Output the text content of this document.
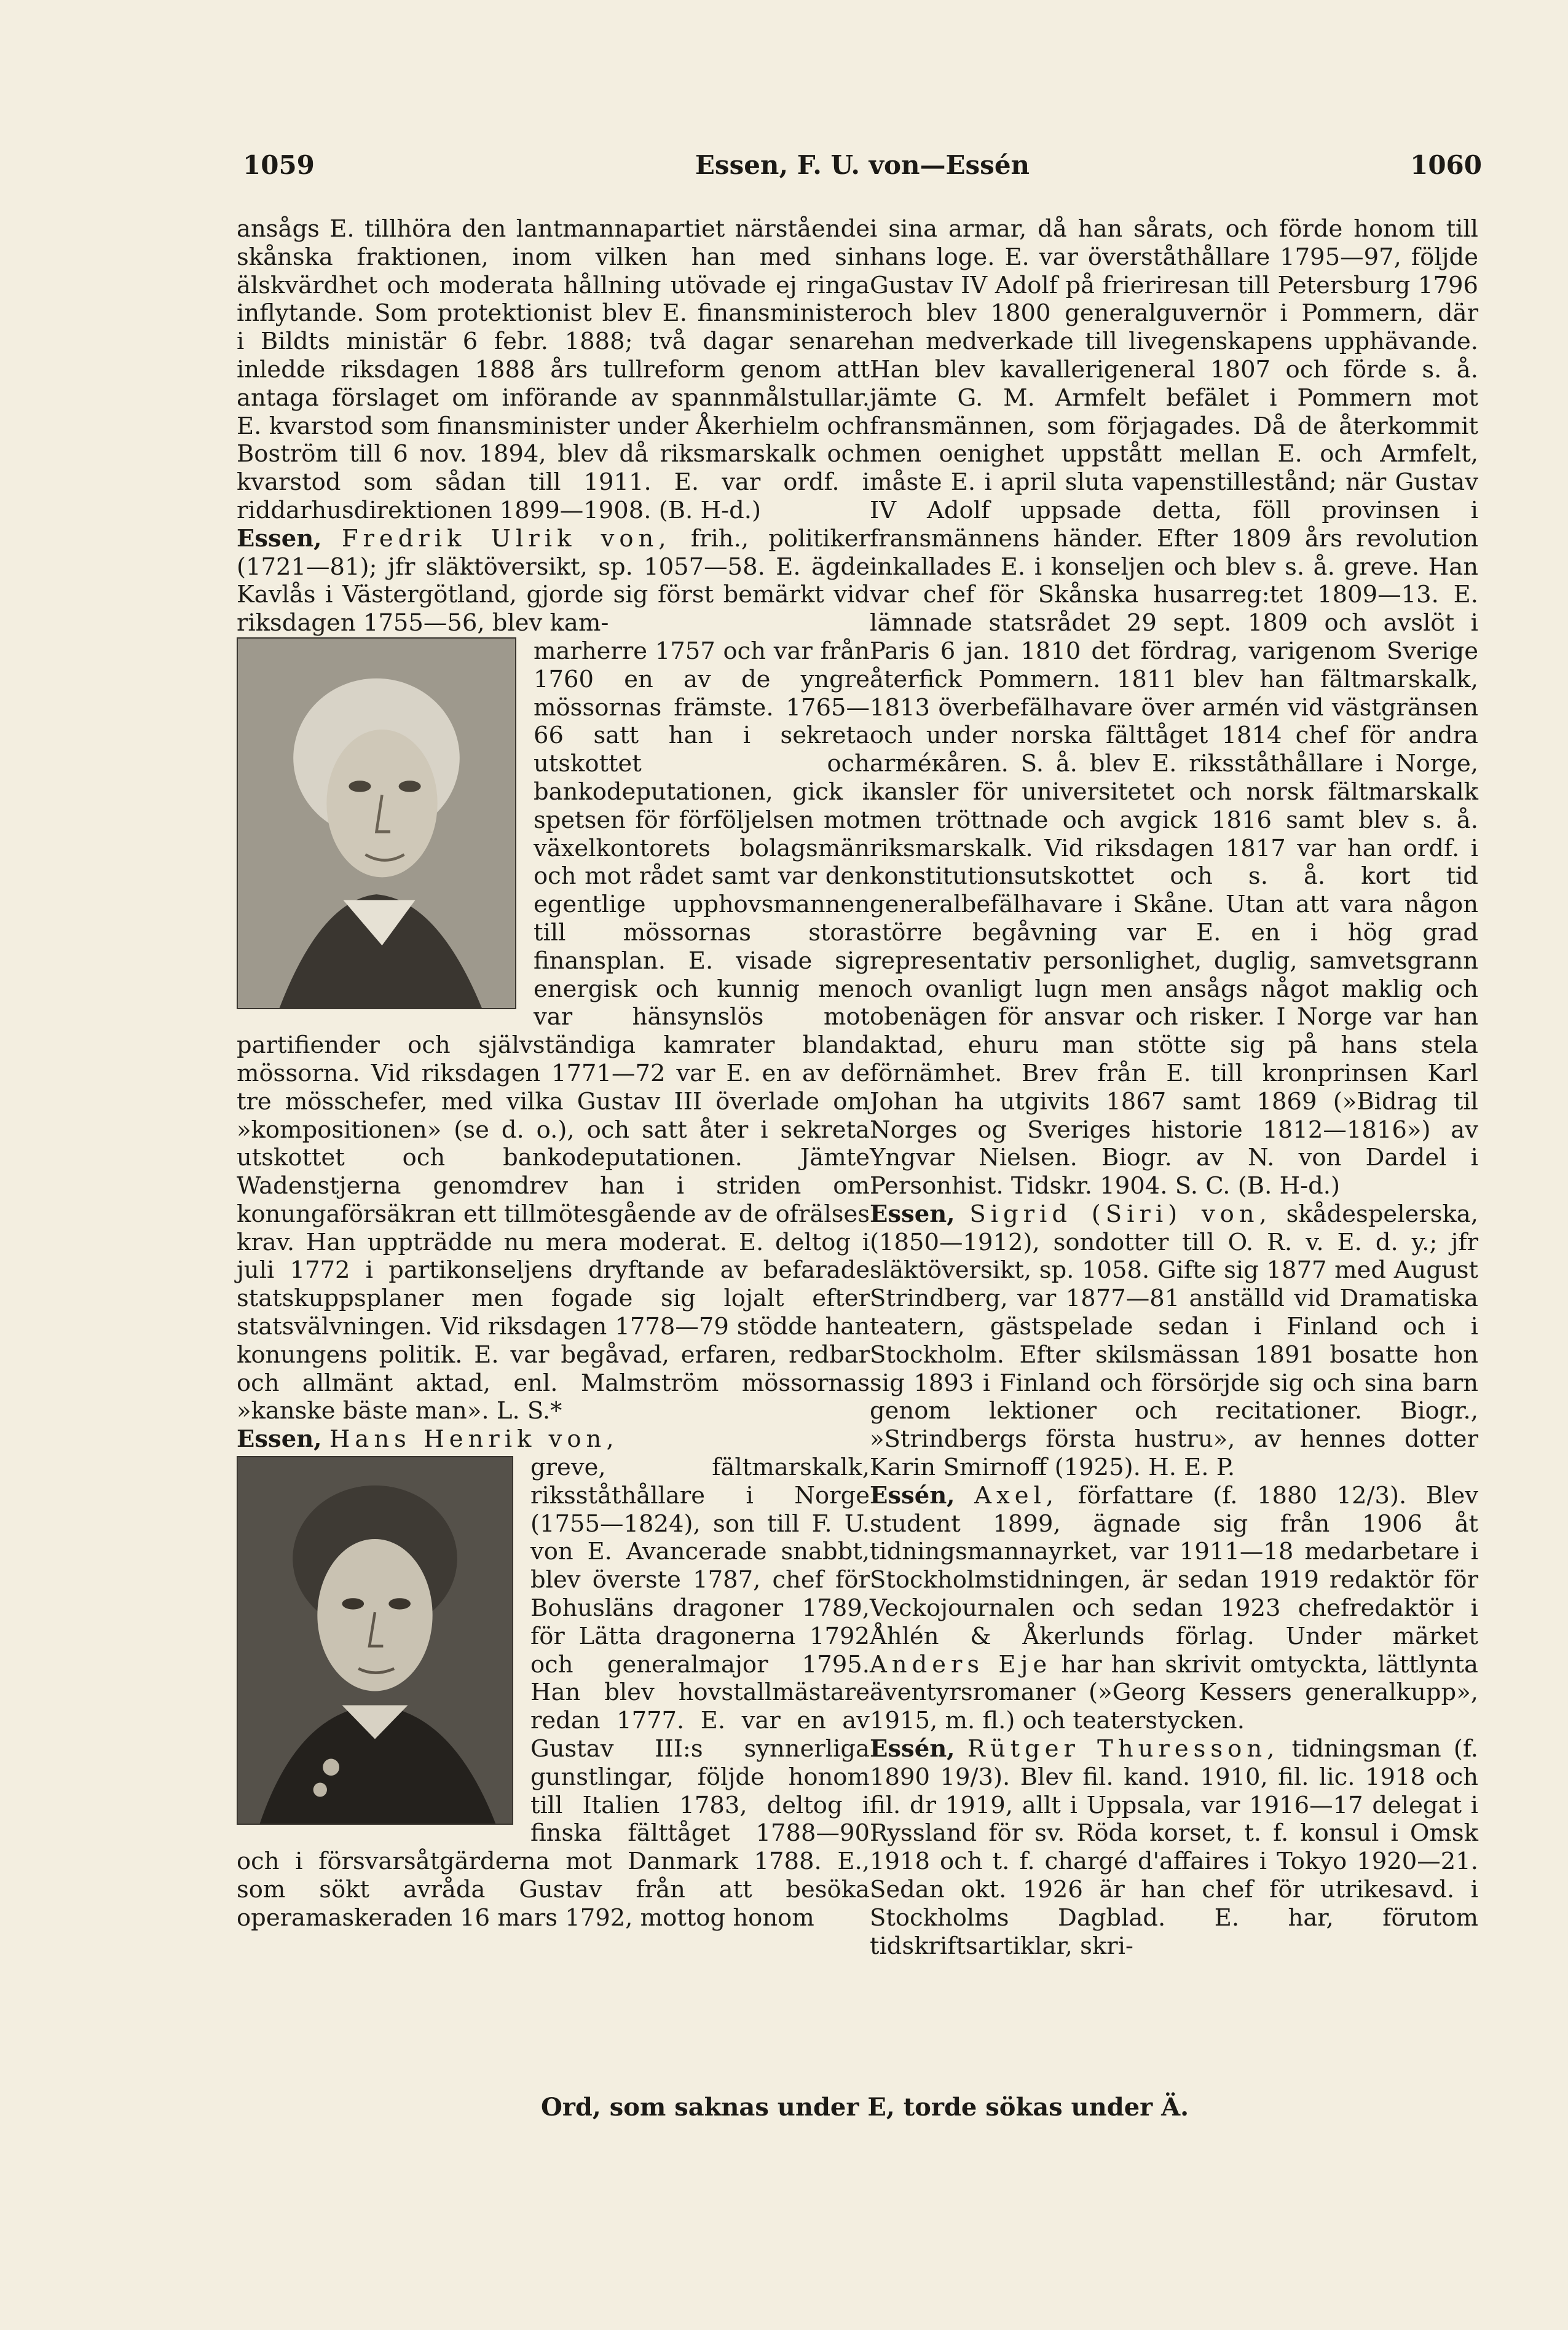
1059	Essen, F. U. von—Essén	1060

ansågs E. tillhöra den lantmannapartiet närstående skånska fraktionen, inom vilken han med sin älskvärdhet och moderata hållning utövade ej ringa inflytande. Som protektionist blev E. finansminister i Bildts ministär 6 febr. 1888; två dagar senare inledde riksdagen 1888 års tullreform genom att antaga förslaget om införande av spannmålstullar. E. kvarstod som finansminister under Åkerhielm och Boström till 6 nov. 1894, blev då riksmarskalk och kvarstod som sådan till 1911. E. var ordf. i riddarhusdirektionen 1899—1908. (B. H-d.)

Essen, Fredrik Ulrik von, frih., politiker (1721—81); jfr släktöversikt, sp. 1057—58. E. ägde Kavlås i Västergötland, gjorde sig först bemärkt vid riksdagen 1755—56, blev kam-

marherre 1757 och var från 1760 en av de yngre mössornas främste. 1765—66 satt han i sekreta utskottet och bankodeputationen, gick i spetsen för förföljelsen mot växelkontorets bolagsmän och mot rådet samt var den egentlige upphovsmannen till mössornas stora finansplan. E. visade sig energisk och kunnig men var hänsynslös mot partifiender och självständiga kamrater bland mössorna. Vid riksdagen 1771—72 var E. en av de tre mösschefer, med vilka Gustav III överlade om »kompositionen» (se d. o.), och satt åter i sekreta utskottet och bankodeputationen. Jämte Wadenstjerna genomdrev han i striden om konungaförsäkran ett tillmötesgående av de ofrälses krav. Han uppträdde nu mera moderat. E. deltog i juli 1772 i partikonseljens dryftande av befarade statskuppsplaner men fogade sig lojalt efter statsvälvningen. Vid riksdagen 1778—79 stödde han konungens politik. E. var begåvad, erfaren, redbar och allmänt aktad, enl. Malmström mössornas »kanske bäste man». L. S.*

Essen, Hans Henrik von,

greve, fältmarskalk, riksståthållare i Norge (1755—1824), son till F. U. von E. Avancerade snabbt, blev överste 1787, chef för Bohusläns dragoner 1789, för Lätta dragonerna 1792 och generalmajor 1795. Han blev hovstallmästare redan 1777. E. var en av Gustav III:s synnerliga gunstlingar, följde honom till Italien 1783, deltog i finska fälttåget 1788—90 och i försvarsåtgärderna mot Danmark 1788. E., som sökt avråda Gustav från att besöka operamaskeraden 16 mars 1792, mottog honom

i sina armar, då han sårats, och förde honom till hans loge. E. var överståthållare 1795—97, följde Gustav IV Adolf på frieriresan till Petersburg 1796 och blev 1800 generalguvernör i Pommern, där han medverkade till livegenskapens upphävande. Han blev kavallerigeneral 1807 och förde s. å. jämte G. M. Armfelt befälet i Pommern mot fransmännen, som förjagades. Då de återkommit men oenighet uppstått mellan E. och Armfelt, måste E. i april sluta vapenstillestånd; när Gustav IV Adolf uppsade detta, föll provinsen i fransmännens händer. Efter 1809 års revolution inkallades E. i konseljen och blev s. å. greve. Han var chef för Skånska husarreg:tet 1809—13. E. lämnade statsrådet 29 sept. 1809 och avslöt i Paris 6 jan. 1810 det fördrag, varigenom Sverige återfick Pommern. 1811 blev han fältmarskalk, 1813 överbefälhavare över armén vid västgränsen och under norska fälttåget 1814 chef för andra arméкåren. S. å. blev E. riksståthållare i Norge, kansler för universitetet och norsk fältmarskalk men tröttnade och avgick 1816 samt blev s. å. riksmarskalk. Vid riksdagen 1817 var han ordf. i konstitutionsutskottet och s. å. kort tid generalbefälhavare i Skåne. Utan att vara någon större begåvning var E. en i hög grad representativ personlighet, duglig, samvetsgrann och ovanligt lugn men ansågs något maklig och obenägen för ansvar och risker. I Norge var han aktad, ehuru man stötte sig på hans stela förnämhet. Brev från E. till kronprinsen Karl Johan ha utgivits 1867 samt 1869 (»Bidrag til Norges og Sveriges historie 1812—1816») av Yngvar Nielsen. Biogr. av N. von Dardel i Personhist. Tidskr. 1904. S. C. (B. H-d.)

Essen, Sigrid (Siri) von, skådespelerska, (1850—1912), sondotter till O. R. v. E. d. y.; jfr släktöversikt, sp. 1058. Gifte sig 1877 med August Strindberg, var 1877—81 anställd vid Dramatiska teatern, gästspelade sedan i Finland och i Stockholm. Efter skilsmässan 1891 bosatte hon sig 1893 i Finland och försörjde sig och sina barn genom lektioner och recitationer. Biogr., »Strindbergs första hustru», av hennes dotter Karin Smirnoff (1925). H. E. P.

Essén, Axel, författare (f. 1880 12/3). Blev student 1899, ägnade sig från 1906 åt tidningsmannayrket, var 1911—18 medarbetare i Stockholmstidningen, är sedan 1919 redaktör för Veckojournalen och sedan 1923 chefredaktör i Åhlén & Åkerlunds förlag. Under märket Anders Eje har han skrivit omtyckta, lättlynta äventyrsromaner (»Georg Kessers generalkupp», 1915, m. fl.) och teaterstycken.

Essén, Rütger Thuresson, tidningsman (f. 1890 19/3). Blev fil. kand. 1910, fil. lic. 1918 och fil. dr 1919, allt i Uppsala, var 1916—17 delegat i Ryssland för sv. Röda korset, t. f. konsul i Omsk 1918 och t. f. chargé d'affaires i Tokyo 1920—21. Sedan okt. 1926 är han chef för utrikesavd. i Stockholms Dagblad. E. har, förutom tidskriftsartiklar, skri-

Ord, som saknas under E, torde sökas under Ä.
